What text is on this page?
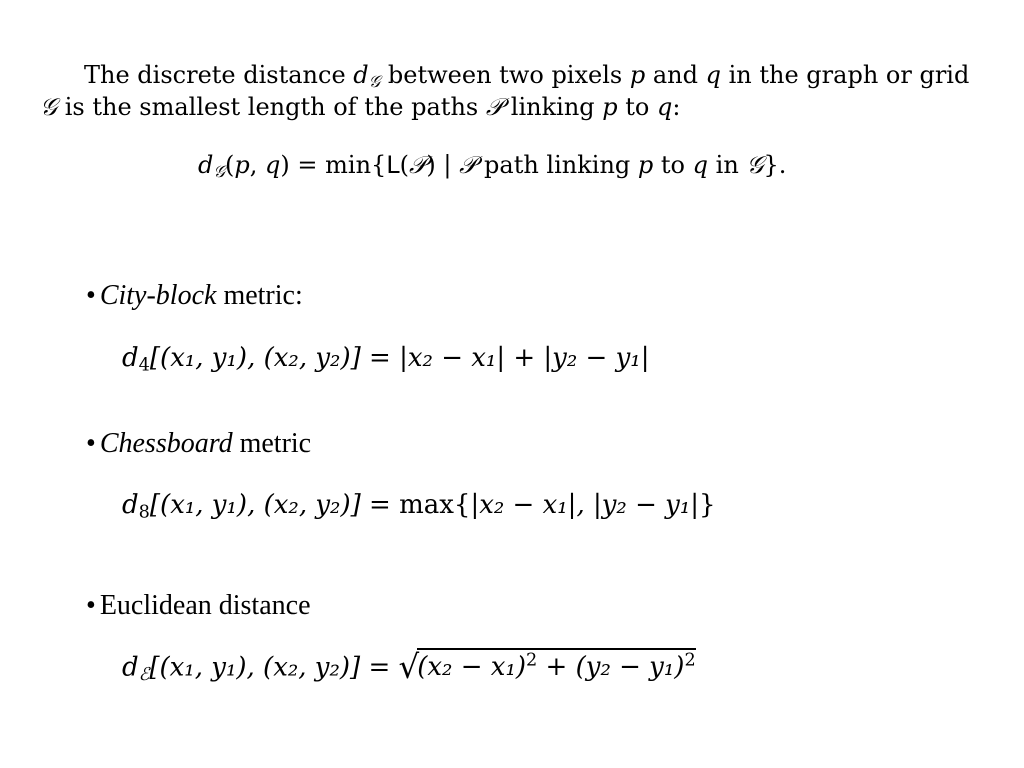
The discrete distance $d_𝒢$ between two pixels p and q in the graph or grid
𝒢 is the smallest length of the paths 𝒫 linking p to q:
$d_𝒢(p$, q) = min{L(𝒫) | 𝒫 path linking p to q in 𝒢}.
• City-block metric:
$d_4[(x_1$, y₁), (x₂, y₂)] = |x₂ − x₁| + |y₂ − y₁|
• Chessboard metric
$d_8[(x_1$, y₁), (x₂, y₂)] = max{|x₂ − x₁|, |y₂ − y₁|}
• Euclidean distance
$d_ℰ[(x_1$, y₁), (x₂, $y_2)] = √(x_2 - x_1)^2 + (y_2 - y_1)^2$
